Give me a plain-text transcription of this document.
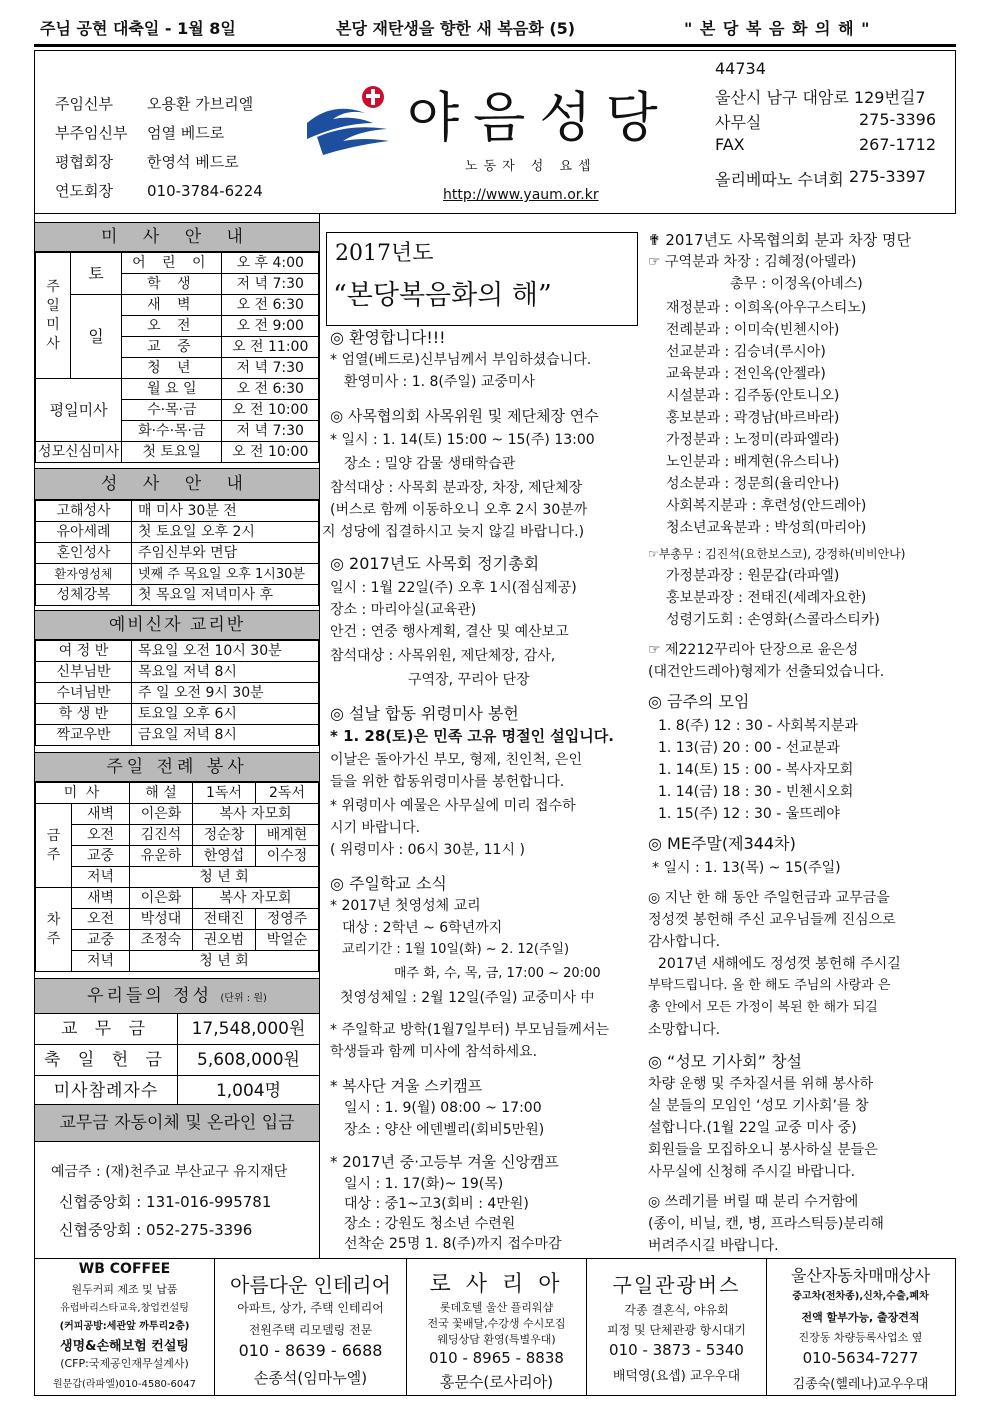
주님 공현 대축일 - 1월 8일	본당 재탄생을 향한 새 복음화 (5)	" 본 당 복 음 화 의 해 "
주임신부 오용환 가브리엘
부주임신부 엄열 베드로
평협회장 한영석 베드로
연도회장 010-3784-6224
야음성당
노동자 성 요셉
http://www.yaum.or.kr
44734
울산시 남구 대암로 129번길7
사무실	275-3396
FAX	267-1712
올리베따노 수녀회 275-3397
미 사 안 내
주일미사	토	어 린 이	오 후 4:00
		학 생	저 녁 7:30
	일	새 벽	오 전 6:30
		오 전	오 전 9:00
		교 중	오 전 11:00
		청 년	저 녁 7:30
평일미사		월 요 일	오 전 6:30
		수·목·금	오 전 10:00
		화·수·목·금	저 녁 7:30
성모신심미사		첫 토요일	오 전 10:00
성 사 안 내
고해성사	매 미사 30분 전
유아세례	첫 토요일 오후 2시
혼인성사	주임신부와 면담
환자영성체	넷째 주 목요일 오후 1시30분
성체강복	첫 목요일 저녁미사 후
예비신자 교리반
여 정 반	목요일 오전 10시 30분
신부님반	목요일 저녁 8시
수녀님반	주 일 오전 9시 30분
학 생 반	토요일 오후 6시
짝교우반	금요일 저녁 8시
주일 전례 봉사
미 사		해 설	1독서	2독서

금주	새벽	이은화	복사 자모회	
	오전	김진석	정순창	배계현
	교중	유운하	한영섭	이수정
	저녁	청 년 회		

차주	새벽	이은화	복사 자모회	
	오전	박성대	전태진	정영주
	교중	조정숙	권오범	박얼순
	저녁	청 년 회		
우리들의 정성 (단위 : 원)
교 무 금	17,548,000원
축 일 헌 금	5,608,000원
미사참례자수	1,004명
교무금 자동이체 및 온라인 입금
예금주 : (재)천주교 부산교구 유지재단
신협중앙회 : 131-016-995781
신협중앙회 : 052-275-3396
2017년도
“본당복음화의 해”
◎ 환영합니다!!!
* 엄열(베드로)신부님께서 부임하셨습니다.
환영미사 : 1. 8(주일) 교중미사
◎ 사목협의회 사목위원 및 제단체장 연수
* 일시 : 1. 14(토) 15:00 ~ 15(주) 13:00
장소 : 밀양 감물 생태학습관
참석대상 : 사목회 분과장, 차장, 제단체장
(버스로 함께 이동하오니 오후 2시 30분까
지 성당에 집결하시고 늦지 않길 바랍니다.)
◎ 2017년도 사목회 정기총회
일시 : 1월 22일(주) 오후 1시(점심제공)
장소 : 마리아실(교육관)
안건 : 연중 행사계획, 결산 및 예산보고
참석대상 : 사목위원, 제단체장, 감사,
구역장, 꾸리아 단장
◎ 설날 합동 위령미사 봉헌
* 1. 28(토)은 민족 고유 명절인 설입니다.
이날은 돌아가신 부모, 형제, 친인척, 은인
들을 위한 합동위령미사를 봉헌합니다.
* 위령미사 예물은 사무실에 미리 접수하
시기 바랍니다.
( 위령미사 : 06시 30분, 11시 )
◎ 주일학교 소식
* 2017년 첫영성체 교리
대상 : 2학년 ~ 6학년까지
교리기간 : 1월 10일(화) ~ 2. 12(주일)
매주 화, 수, 목, 금, 17:00 ~ 20:00
첫영성체일 : 2월 12일(주일) 교중미사 中
* 주일학교 방학(1월7일부터) 부모님들께서는
학생들과 함께 미사에 참석하세요.
* 복사단 겨울 스키캠프
일시 : 1. 9(월) 08:00 ~ 17:00
장소 : 양산 에덴벨리(회비5만원)
* 2017년 중·고등부 겨울 신앙캠프
일시 : 1. 17(화)~ 19(목)
대상 : 중1~고3(회비 : 4만원)
장소 : 강원도 청소년 수련원
선착순 25명 1. 8(주)까지 접수마감
✟ 2017년도 사목협의회 분과 차장 명단
☞ 구역분과 차장 : 김혜정(아델라)
총무 : 이정옥(아녜스)
재정분과 : 이희옥(아우구스티노)
전례분과 : 이미숙(빈첸시아)
선교분과 : 김승녀(루시아)
교육분과 : 전인옥(안젤라)
시설분과 : 김주동(안토니오)
홍보분과 : 곽경남(바르바라)
가정분과 : 노정미(라파엘라)
노인분과 : 배계현(유스티나)
성소분과 : 정문희(율리안나)
사회복지분과 : 후련성(안드레아)
청소년교육분과 : 박성희(마리아)
☞부총무 : 김진석(요한보스코), 강정하(비비안나)
가정분과장 : 원문갑(라파엘)
홍보분과장 : 전태진(세례자요한)
성령기도회 : 손영화(스콜라스티카)
☞ 제2212꾸리아 단장으로 윤은성
(대건안드레아)형제가 선출되었습니다.
◎ 금주의 모임
1. 8(주) 12 : 30 - 사회복지분과
1. 13(금) 20 : 00 - 선교분과
1. 14(토) 15 : 00 - 복사자모회
1. 14(금) 18 : 30 - 빈첸시오회
1. 15(주) 12 : 30 - 울뜨레야
◎ ME주말(제344차)
* 일시 : 1. 13(목) ~ 15(주일)
◎ 지난 한 해 동안 주일헌금과 교무금을
정성껏 봉헌해 주신 교우님들께 진심으로
감사합니다.
2017년 새해에도 정성껏 봉헌해 주시길
부탁드립니다. 올 한 해도 주님의 사랑과 은
총 안에서 모든 가정이 복된 한 해가 되길
소망합니다.
◎ “성모 기사회” 창설
차량 운행 및 주차질서를 위해 봉사하
실 분들의 모임인 ‘성모 기사회’를 창
설합니다.(1월 22일 교중 미사 중)
회원들을 모집하오니 봉사하실 분들은
사무실에 신청해 주시길 바랍니다.
◎ 쓰레기를 버릴 때 분리 수거함에
(종이, 비닐, 캔, 병, 프라스틱등)분리해
버려주시길 바랍니다.
WB COFFEE
원두커피 제조 및 납품
유럽바리스타교육,창업컨설팅
(커피공방:세관앞 까투리2층)
생명&손해보험 컨설팅
(CFP:국제공인재무설계사)
원문갑(라파엘)010-4580-6047
아름다운 인테리어
아파트, 상가, 주택 인테리어
전원주택 리모델링 전문
010 - 8639 - 6688
손종석(임마누엘)
로 사 리 아
롯데호텔 울산 플리워샵
전국 꽃배달,수강생 수시모집
웨딩상담 환영(특별우대)
010 - 8965 - 8838
홍문수(로사리아)
구일관광버스
각종 결혼식, 야유회
피정 및 단체관광 항시대기
010 - 3873 - 5340
배덕영(요셉) 교우우대
울산자동차매매상사
중고차(전차종),신차,수출,폐차
전액 할부가능, 출장견적
진장동 차량등록사업소 옆
010-5634-7277
김종숙(헬레나)교우우대
